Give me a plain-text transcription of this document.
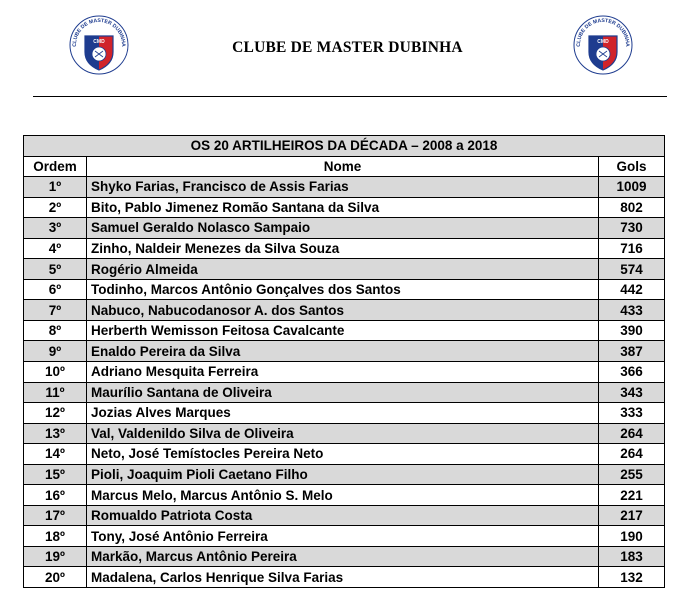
CLUBE DE MASTER DUBINHA
CMD	CLUBE DE MASTER DUBINHA
CMD
CLUBE DE MASTER DUBINHA
OS 20 ARTILHEIROS DA DÉCADA – 2008 a 2018		
Ordem	Nome	Gols
1º	Shyko Farias, Francisco de Assis Farias	1009
2º	Bito, Pablo Jimenez Romão Santana da Silva	802
3º	Samuel Geraldo Nolasco Sampaio	730
4º	Zinho, Naldeir Menezes da Silva Souza	716
5º	Rogério Almeida	574
6º	Todinho, Marcos Antônio Gonçalves dos Santos	442
7º	Nabuco, Nabucodanosor A. dos Santos	433
8º	Herberth Wemisson Feitosa Cavalcante	390
9º	Enaldo Pereira da Silva	387
10º	Adriano Mesquita Ferreira	366
11º	Maurílio Santana de Oliveira	343
12º	Jozias Alves Marques	333
13º	Val, Valdenildo Silva de Oliveira	264
14º	Neto, José Temístocles Pereira Neto	264
15º	Pioli, Joaquim Pioli Caetano Filho	255
16º	Marcus Melo, Marcus Antônio S. Melo	221
17º	Romualdo Patriota Costa	217
18º	Tony, José Antônio Ferreira	190
19º	Markão, Marcus Antônio Pereira	183
20º	Madalena, Carlos Henrique Silva Farias	132
